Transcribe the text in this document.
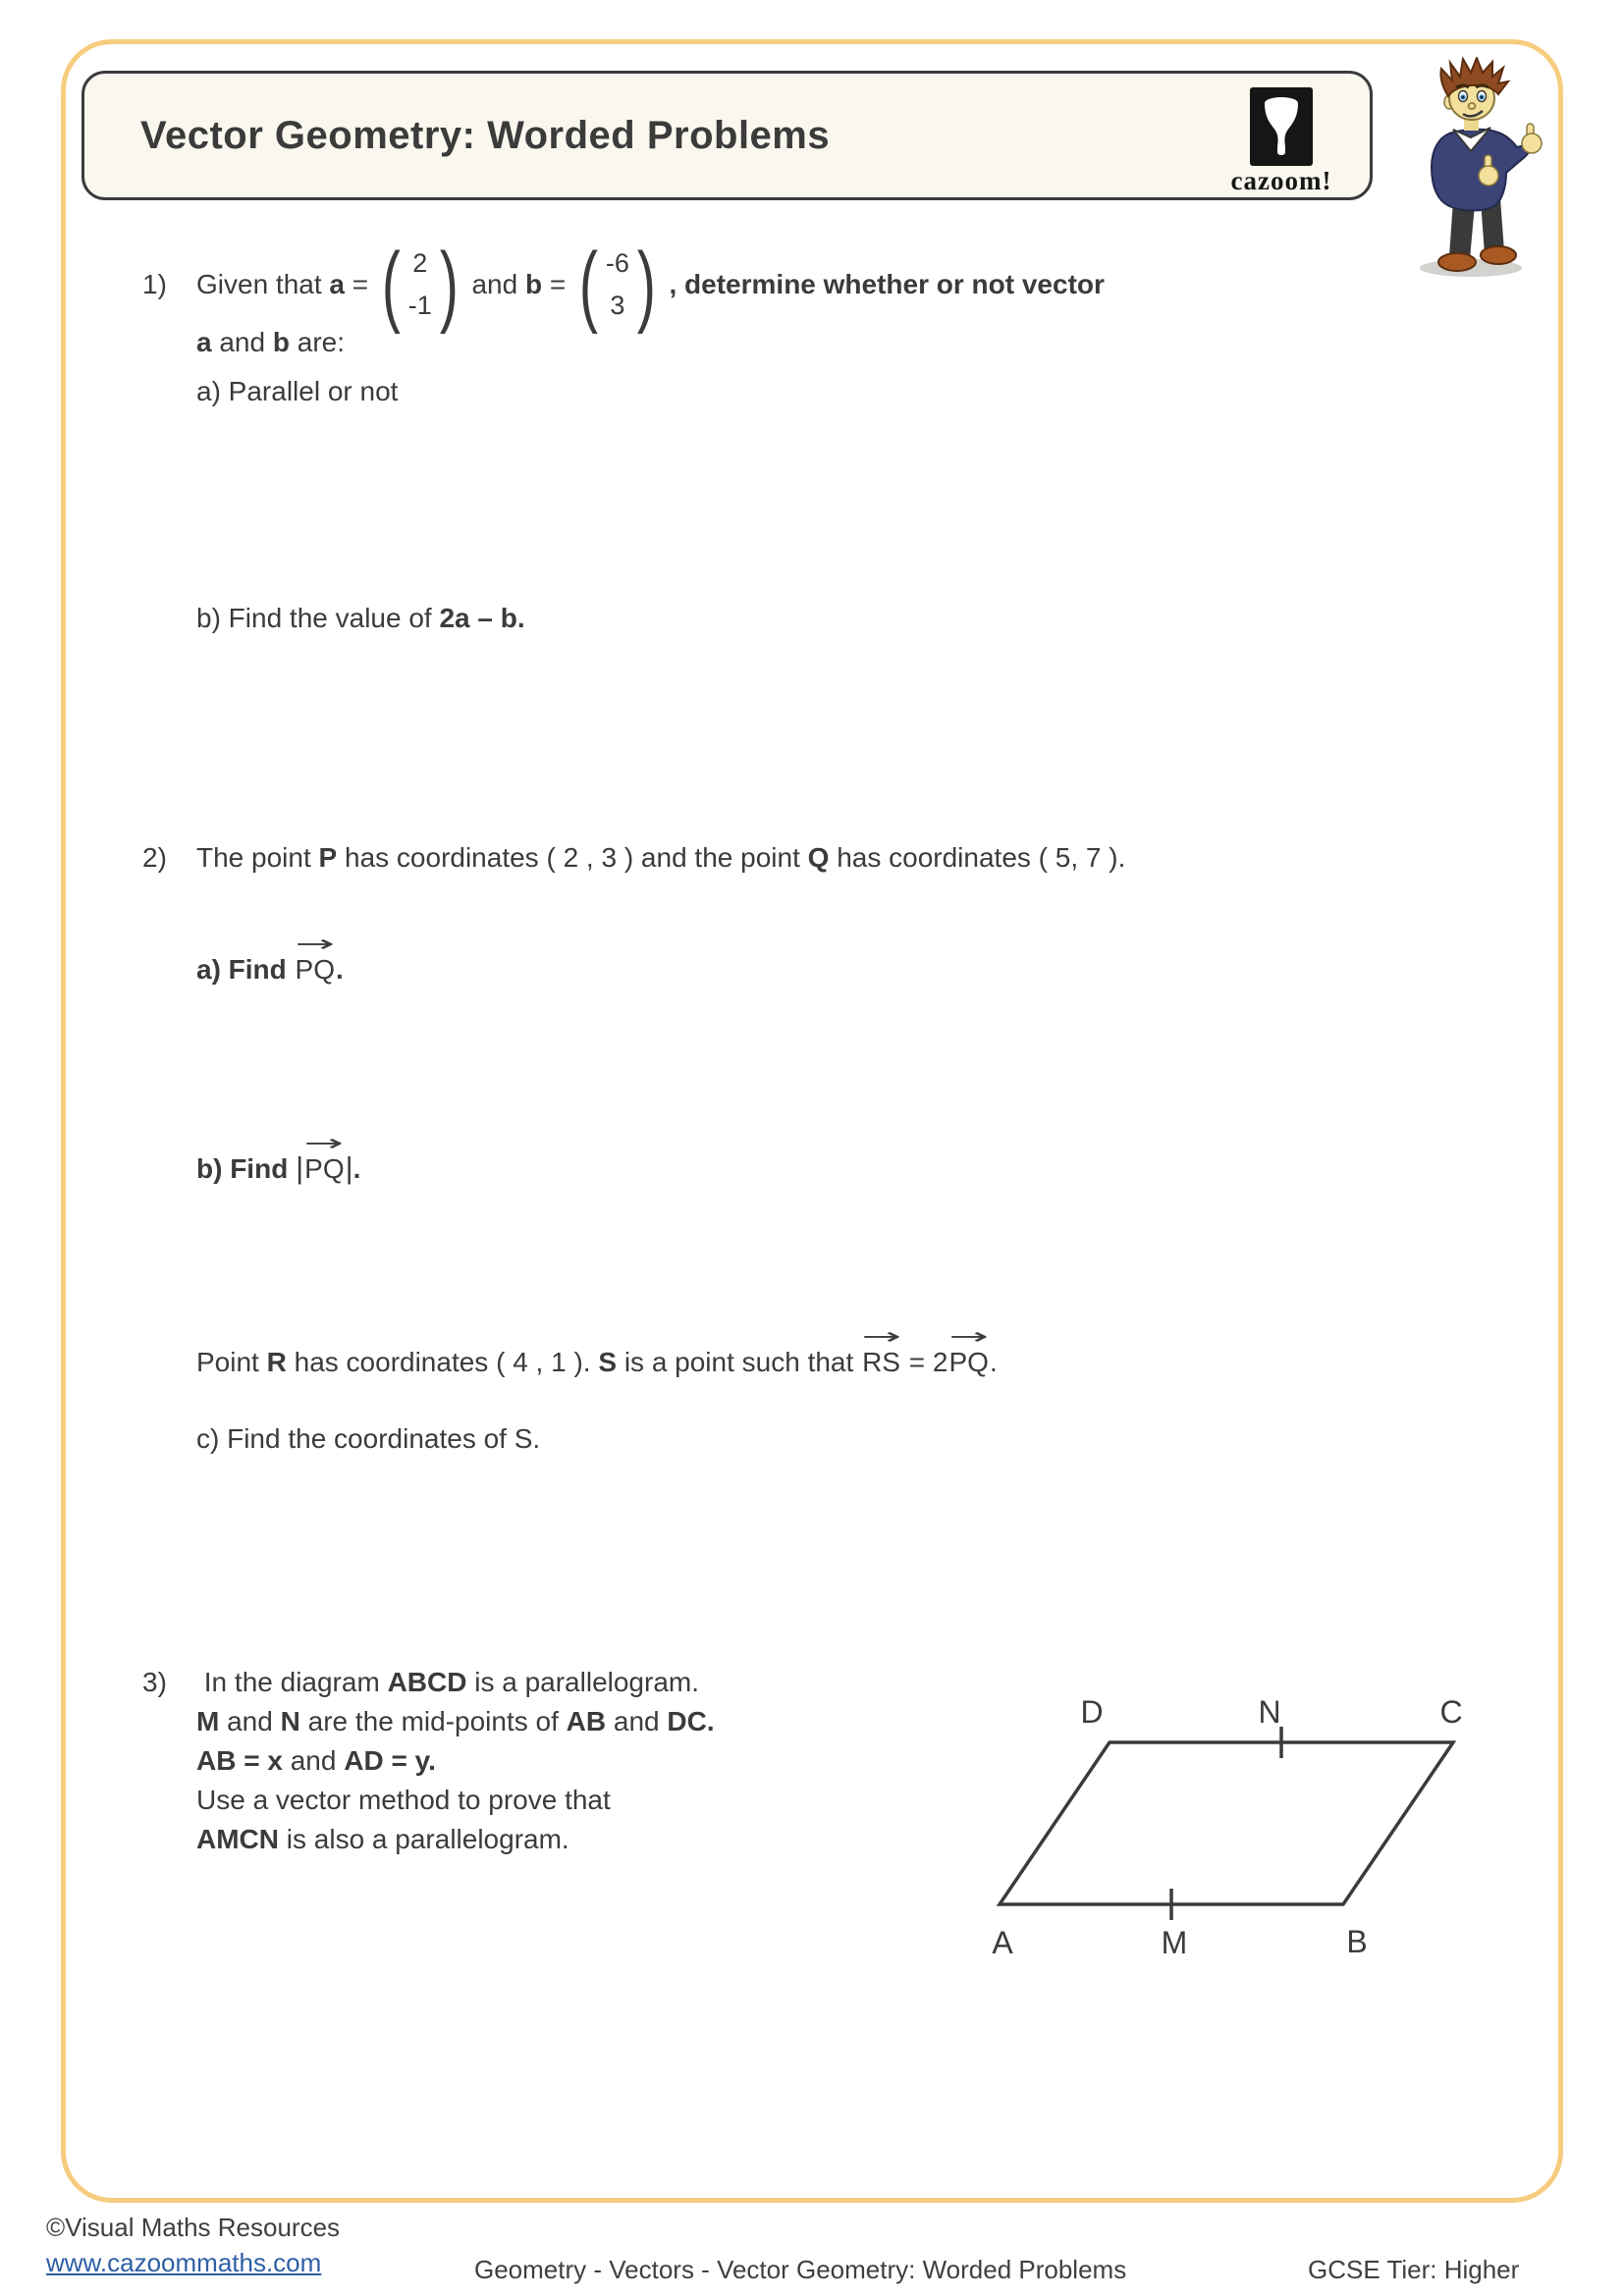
Vector Geometry: Worded Problems
cazoom!
1)	Given that
a
= ( 2
-1 ) and
b
= ( -6
3 ) , determine whether or not vector
a and b are:
a) Parallel or not
b) Find the value of 2a – b.
2)	The point P has coordinates ( 2 , 3 ) and the point Q has coordinates ( 5, 7 ).
a) Find
→
PQ.
b) Find |
→
PQ|.
Point R has coordinates ( 4 , 1 ). S is a point such that
→
RS = 2
→
PQ.
c) Find the coordinates of S.
3) In the diagram ABCD is a parallelogram.
M and N are the mid-points of AB and DC.
AB = x and AD = y.
Use a vector method to prove that
AMCN is also a parallelogram.
D	N	C
A	M	B
©Visual Maths Resources
www.cazoommaths.com	Geometry - Vectors - Vector Geometry: Worded Problems	GCSE Tier: Higher
